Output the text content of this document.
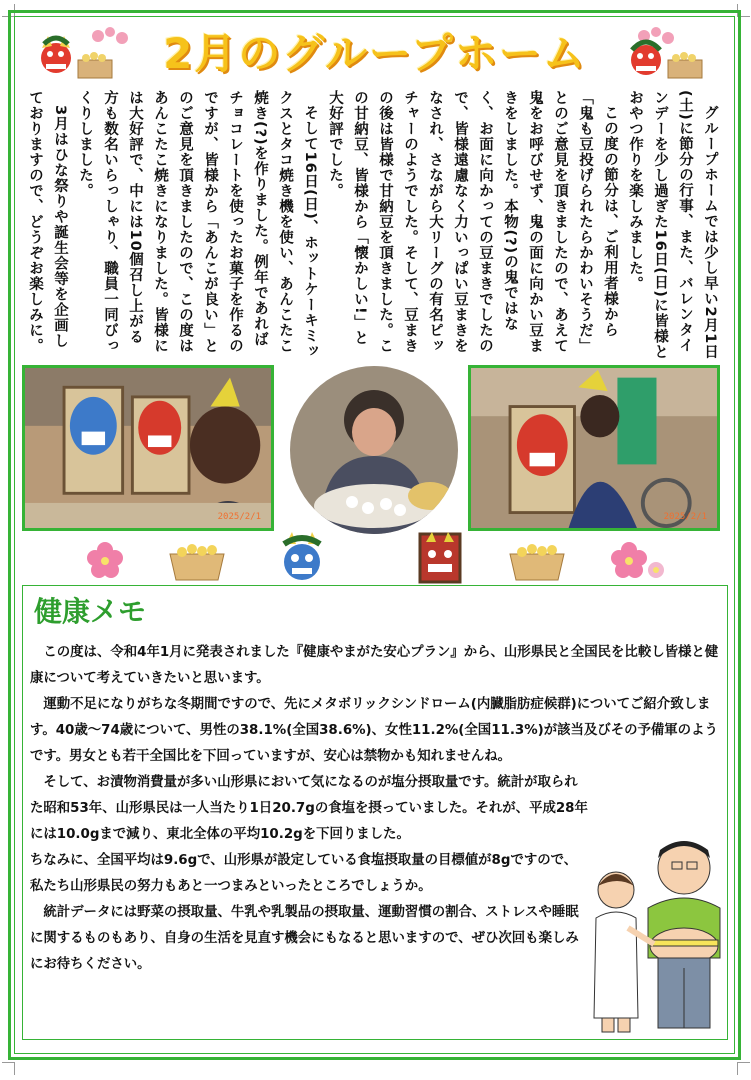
2月のグループホーム

グループホームでは少し早い2月1日(土)に節分の行事、また、バレンタインデーを少し過ぎた16日(日)に皆様とおやつ作りを楽しみました。

この度の節分は、ご利用者様から「鬼も豆投げられたらかわいそうだ」とのご意見を頂きましたので、あえて鬼をお呼びせず、鬼の面に向かい豆まきをしました。本物(?)の鬼ではなく、お面に向かっての豆まきでしたので、皆様遠慮なく力いっぱい豆まきをなされ、さながら大リーグの有名ピッチャーのようでした。そして、豆まきの後は皆様で甘納豆を頂きました。この甘納豆、皆様から「懐かしい!」と大好評でした。

そして16日(日)、ホットケーキミックスとタコ焼き機を使い、あんこたこ焼き(?)を作りました。例年であればチョコレートを使ったお菓子を作るのですが、皆様から「あんこが良い」とのご意見を頂きましたので、この度はあんこたこ焼きになりました。皆様には大好評で、中には10個召し上がる方も数名いらっしゃり、職員一同びっくりしました。

3月はひな祭りや誕生会等を企画しておりますので、どうぞお楽しみに。

2025/2/1	2025/2/1
健康メモ

この度は、令和4年1月に発表されました『健康やまがた安心プラン』から、山形県民と全国民を比較し皆様と健康について考えていきたいと思います。

運動不足になりがちな冬期間ですので、先にメタボリックシンドローム(内臓脂肪症候群)についてご紹介致します。40歳～74歳について、男性の38.1%(全国38.6%)、女性11.2%(全国11.3%)が該当及びその予備軍のようです。男女とも若干全国比を下回っていますが、安心は禁物かも知れませんね。

そして、お漬物消費量が多い山形県において気になるのが塩分摂取量です。統計が取られた昭和53年、山形県民は一人当たり1日20.7gの食塩を摂っていました。それが、平成28年には10.0gまで減り、東北全体の平均10.2gを下回りました。

ちなみに、全国平均は9.6gで、山形県が設定している食塩摂取量の目標値が8gですので、私たち山形県民の努力もあと一つまみといったところでしょうか。

統計データには野菜の摂取量、牛乳や乳製品の摂取量、運動習慣の割合、ストレスや睡眠に関するものもあり、自身の生活を見直す機会にもなると思いますので、ぜひ次回も楽しみにお待ちください。
